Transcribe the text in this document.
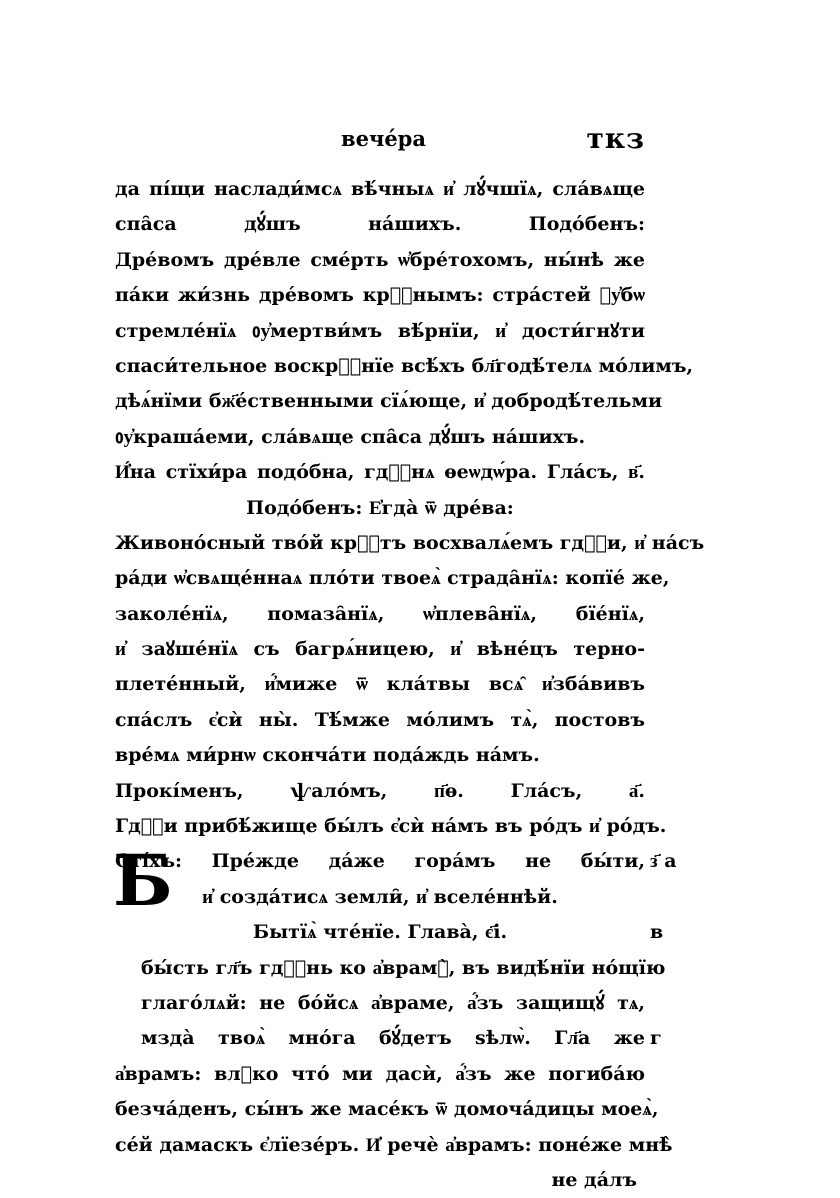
вече́ра	ткз
да пі́щи наслади́мсѧ вѣ́чныѧ и҆ лꙋ́чшїѧ, сла́вѧще
спа̑са дꙋ́шъ на́шихъ. Подо́бенъ:
Дре́вомъ дре́вле сме́рть ѡ҆бре́тохомъ, ны́нѣ же
па́ки жи́знь дре́вомъ крⷮ҇нымъ: стра́стей ᲂу҆бѡ
стремле́нїѧ ᲂу҆мертви́мъ вѣ́рнїи, и҆ дости́гнꙋти
спаси́тельное воскрⷭ҇нїе всѣ́хъ бл҃годѣ́телѧ мо́лимъ,
дѣѧ́нїми бж҃е́ственными сїѧ́юще, и҆ добродѣ́тельми
ᲂу҆краша́еми, сла́вѧще спа̑са дꙋ́шъ на́шихъ.
И҆́на стїхи́ра подо́бна, гдⷭ҇нѧ ѳеѡдѡ́ра. Гла́съ, в҃.
Подо́бенъ: Е҆гда̀ ѿ дре́ва:
Живоно́сный тво́й крⷭ҇тъ восхвалѧ́емъ гдⷭ҇и, и҆ на́съ
ра́ди ѡ҆свѧще́ннаѧ пло́ти твоеѧ̀ страда̑нїѧ: копїе́ же,
заколе́нїѧ, помаза̑нїѧ, ѡ҆плева̑нїѧ, бїе́нїѧ,
и҆ заꙋше́нїѧ съ багрѧ́ницею, и҆ вѣне́цъ терно-
плете́нный, и҆́миже ѿ кла́твы всѧ̑ и҆зба́вивъ
спа́слъ є҆сѝ ны̀. Тѣ́мже мо́лимъ тѧ̀, постовъ
вре́мѧ ми́рнѡ сконча́ти пода́ждь на́мъ.
Прокі́менъ, ѱало́мъ, п҃ѳ. Гла́съ, а҃.
Гдⷭ҇и прибѣ́жище бы́лъ є҆сѝ на́мъ въ ро́дъ и҆ ро́дъ.
Сті́хъ: Пре́жде да́же гора́мъ не бы́ти,
и҆ созда́тисѧ земли̑, и҆ вселе́ннѣй.
Бытїѧ̀ чте́нїе. Глава̀, є҃і.
бы́сть гл҃ъ гдⷭ҇нь ко а҆врамꙋ̀, въ видѣ́нїи но́щїю
глаго́лѧй: не бо́йсѧ а҆враме, а҆́зъ защищꙋ́ тѧ,
мзда̀ твоѧ̀ мно́га бꙋ́детъ ѕѣлѡ̀. Гл҃а же
а҆врамъ: влⷣко что́ ми дасѝ, а҆́зъ же погиба́ю
безча́денъ, сы́нъ же масе́къ ѿ домоча́дицы моеѧ̀,
се́й дамаскъ є҆лїезе́ръ. И҆ речѐ а҆врамъ: поне́же мнѣ̀
не да́лъ
Б	з҃ а
в
г
